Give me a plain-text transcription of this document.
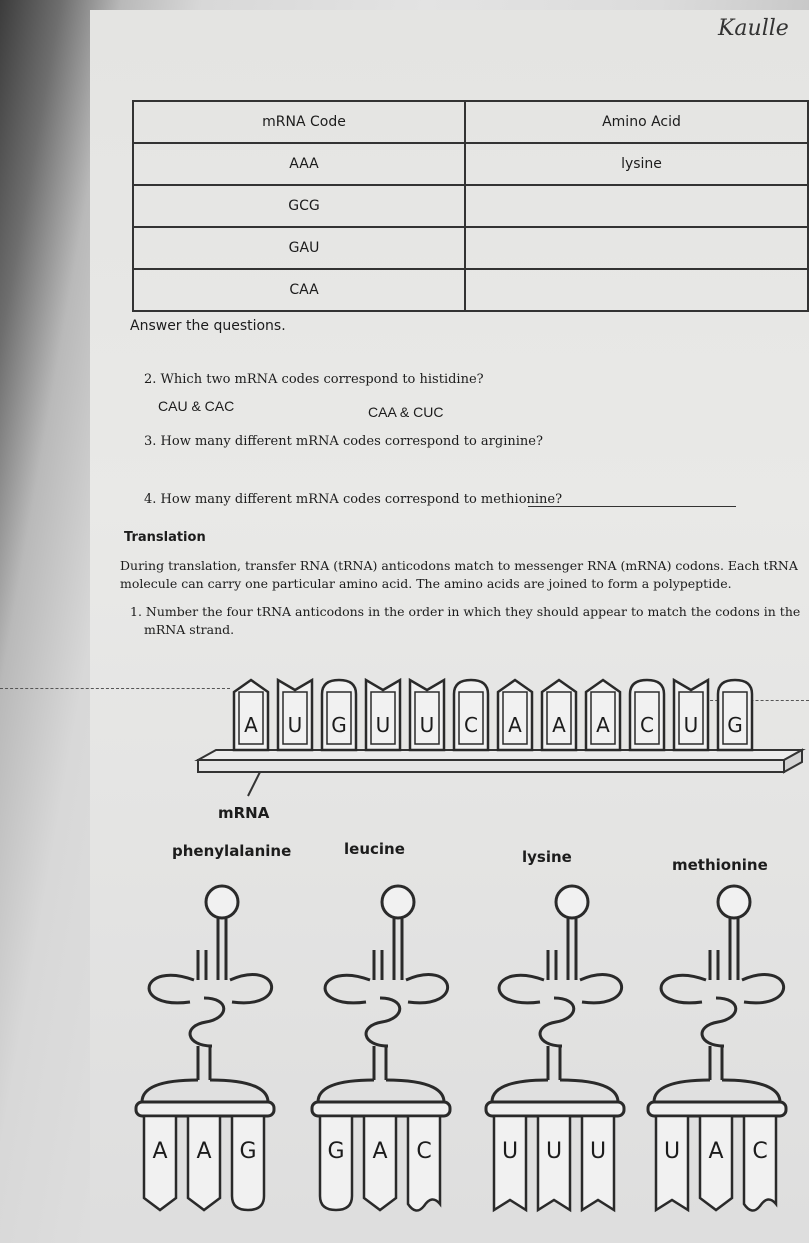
Kaulle
mRNA Code	Amino Acid
AAA	lysine
GCG	
GAU	
CAA	
Answer the questions.
2. Which two mRNA codes correspond to histidine?
CAU & CAC	CAA & CUC
3. How many different mRNA codes correspond to arginine?
4. How many different mRNA codes correspond to methionine?
Translation
During translation, transfer RNA (tRNA) anticodons match to messenger RNA (mRNA) codons. Each tRNA
molecule can carry one particular amino acid. The amino acids are joined to form a polypeptide.
1. Number the four tRNA anticodons in the order in which they should appear to match the codons in the
mRNA strand.
A U G U U C A A A C U G
mRNA
phenylalanine	leucine	lysine	methionine
A A G	G A C	U U U	U A C
